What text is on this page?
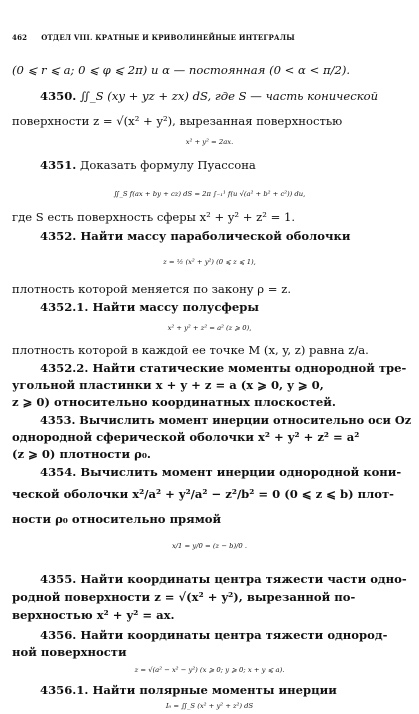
462 ОТДЕЛ VIII. КРАТНЫЕ И КРИВОЛИНЕЙНЫЕ ИНТЕГРАЛЫ
(0 ⩽ r ⩽ a; 0 ⩽ φ ⩽ 2π) и α — постоянная (0 < α < π/2).
4350. ∬_S (xy + yz + zx) dS, где S — часть конической
поверхности z = √(x² + y²), вырезанная поверхностью
x² + y² = 2ax.
4351. Доказать формулу Пуассона
∬_S f(ax + by + cz) dS = 2π ∫₋₁¹ f(u √(a² + b² + c²)) du,
где S есть поверхность сферы x² + y² + z² = 1.
4352. Найти массу параболической оболочки
z = ½ (x² + y²) (0 ⩽ z ⩽ 1),
плотность которой меняется по закону ρ = z.
4352.1. Найти массу полусферы
x² + y² + z² = a² (z ⩾ 0),
плотность которой в каждой ее точке M (x, y, z) равна z/a.
4352.2. Найти статические моменты однородной тре-
угольной пластинки x + y + z = a (x ⩾ 0, y ⩾ 0,
z ⩾ 0) относительно координатных плоскостей.
4353. Вычислить момент инерции относительно оси Oz
однородной сферической оболочки x² + y² + z² = a²
(z ⩾ 0) плотности ρ₀.
4354. Вычислить момент инерции однородной кони-
ческой оболочки x²/a² + y²/a² − z²/b² = 0 (0 ⩽ z ⩽ b) плот-
ности ρ₀ относительно прямой
x/1 = y/0 = (z − b)/0 .
4355. Найти координаты центра тяжести части одно-
родной поверхности z = √(x² + y²), вырезанной по-
верхностью x² + y² = ax.
4356. Найти координаты центра тяжести однород-
ной поверхности
z = √(a² − x² − y²) (x ⩾ 0; y ⩾ 0; x + y ⩽ a).
4356.1. Найти полярные моменты инерции
I₀ = ∬_S (x² + y² + z²) dS
